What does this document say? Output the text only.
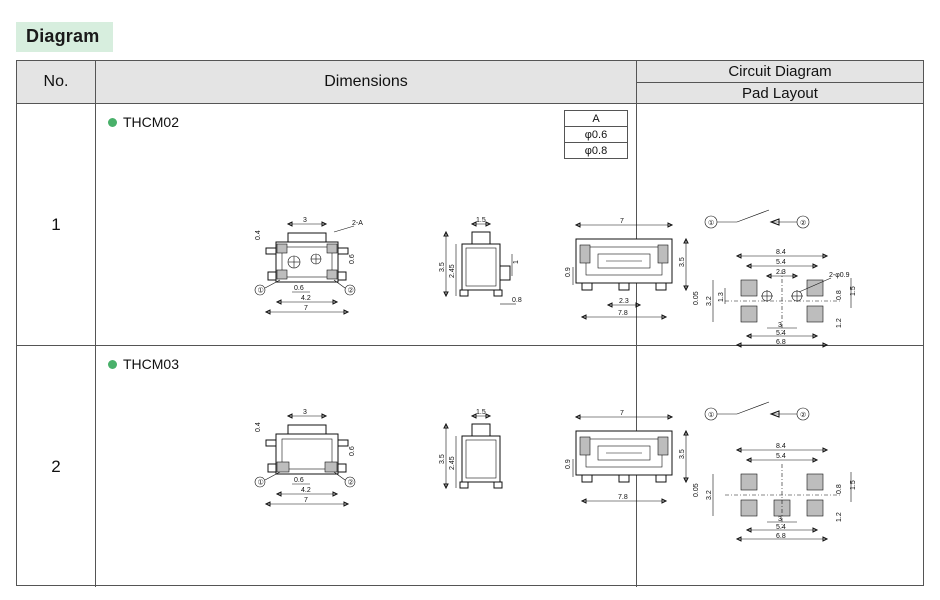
Diagram
No.	Dimensions
Circuit Diagram
Pad Layout
1
THCM02	A
φ0.6
φ0.8
3	2-A
0.4
0.6
0.6
4.2
7
①	②
1.5
3.5 2.45
1
0.8
7
3.5
0.9
0.05
2.3
7.8
①	②
8.4
5.4
2.3	2-φ0.9
3.2 1.3
1.5
0.8
1.2
3
5.4
6.8
2
THCM03
3
0.4
0.6
0.6
4.2
7
①	②
1.5
3.5 2.45
7
3.5
0.9
0.05
7.8
①	②
8.4
5.4
3.2
1.5
0.8
1.2
3
5.4
6.8
